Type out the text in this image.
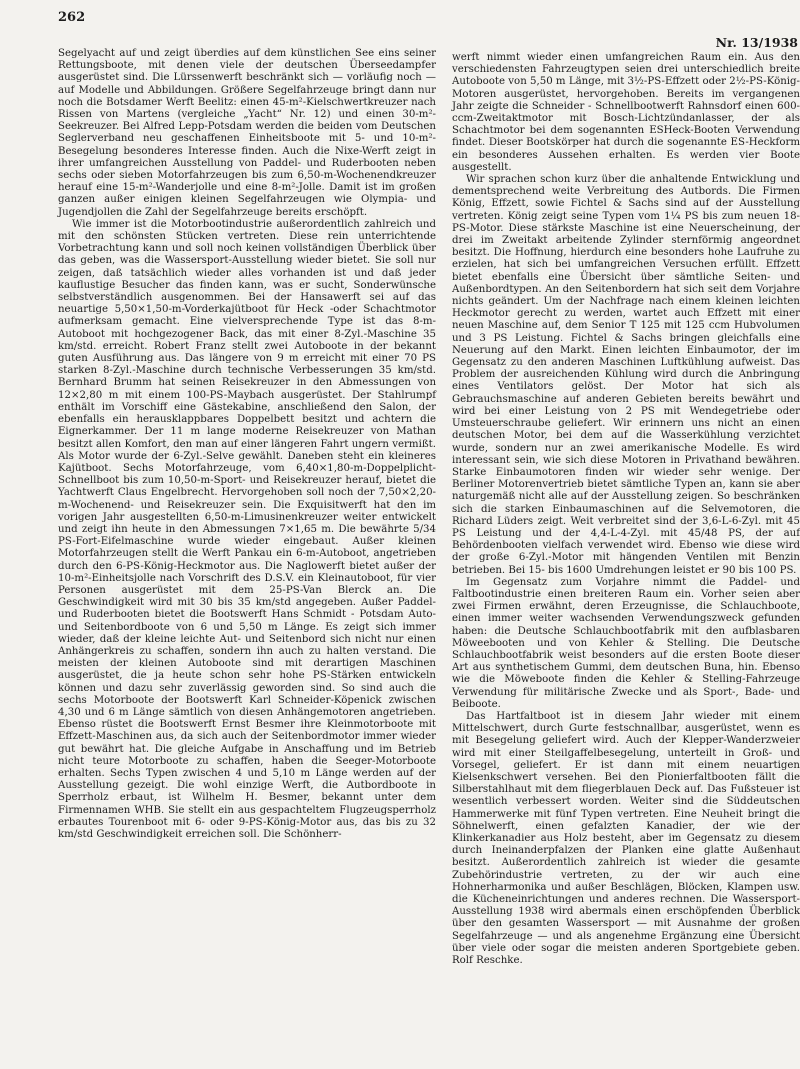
262
Nr. 13/1938

Segelyacht auf und zeigt überdies auf dem künstlichen See eins seiner Rettungsboote, mit denen viele der deutschen Überseedampfer ausgerüstet sind. Die Lürssenwerft beschränkt sich — vorläufig noch — auf Modelle und Abbildungen. Größere Segelfahrzeuge bringt dann nur noch die Botsdamer Werft Beelitz: einen 45-m²-Kielschwertkreuzer nach Rissen von Martens (vergleiche „Yacht“ Nr. 12) und einen 30-m²-Seekreuzer. Bei Alfred Lepp-Potsdam werden die beiden vom Deutschen Seglerverband neu geschaffenen Einheitsboote mit 5- und 10-m²-Besegelung besonderes Interesse finden. Auch die Nixe-Werft zeigt in ihrer umfangreichen Ausstellung von Paddel- und Ruderbooten neben sechs oder sieben Motorfahrzeugen bis zum 6,50-m-Wochenendkreuzer herauf eine 15-m²-Wanderjolle und eine 8-m²-Jolle. Damit ist im großen ganzen außer einigen kleinen Segelfahrzeugen wie Olympia- und Jugendjollen die Zahl der Segelfahrzeuge bereits erschöpft.

Wie immer ist die Motorbootindustrie außerordentlich zahlreich und mit den schönsten Stücken vertreten. Diese rein unterrichtende Vorbetrachtung kann und soll noch keinen vollständigen Überblick über das geben, was die Wassersport-Ausstellung wieder bietet. Sie soll nur zeigen, daß tatsächlich wieder alles vorhanden ist und daß jeder kauflustige Besucher das finden kann, was er sucht, Sonderwünsche selbstverständlich ausgenommen. Bei der Hansawerft sei auf das neuartige 5,50×1,50-m-Vorderkajütboot für Heck -oder Schachtmotor aufmerksam gemacht. Eine vielversprechende Type ist das 8-m-Autoboot mit hochgezogener Back, das mit einer 8-Zyl.-Maschine 35 km/std. erreicht. Robert Franz stellt zwei Autoboote in der bekannt guten Ausführung aus. Das längere von 9 m erreicht mit einer 70 PS starken 8-Zyl.-Maschine durch technische Verbesserungen 35 km/std. Bernhard Brumm hat seinen Reisekreuzer in den Abmessungen von 12×2,80 m mit einem 100-PS-Maybach ausgerüstet. Der Stahlrumpf enthält im Vorschiff eine Gästekabine, anschließend den Salon, der ebenfalls ein herausklappbares Doppelbett besitzt und achtern die Eignerkammer. Der 11 m lange moderne Reisekreuzer von Mathan besitzt allen Komfort, den man auf einer längeren Fahrt ungern vermißt. Als Motor wurde der 6-Zyl.-Selve gewählt. Daneben steht ein kleineres Kajütboot. Sechs Motorfahrzeuge, vom 6,40×1,80-m-Doppelplicht-Schnellboot bis zum 10,50-m-Sport- und Reisekreuzer herauf, bietet die Yachtwerft Claus Engelbrecht. Hervorgehoben soll noch der 7,50×2,20-m-Wochenend- und Reisekreuzer sein. Die Exquisitwerft hat den im vorigen Jahr ausgestellten 6,50-m-Limusinenkreuzer weiter entwickelt und zeigt ihn heute in den Abmessungen 7×1,65 m. Die bewährte 5/34 PS-Fort-Eifelmaschine wurde wieder eingebaut. Außer kleinen Motorfahrzeugen stellt die Werft Pankau ein 6-m-Autoboot, angetrieben durch den 6-PS-König-Heckmotor aus. Die Naglowerft bietet außer der 10-m²-Einheitsjolle nach Vorschrift des D.S.V. ein Kleinautoboot, für vier Personen ausgerüstet mit dem 25-PS-Van Blerck an. Die Geschwindigkeit wird mit 30 bis 35 km/std angegeben. Außer Paddel- und Ruderbooten bietet die Bootswerft Hans Schmidt - Potsdam Auto- und Seitenbordboote von 6 und 5,50 m Länge. Es zeigt sich immer wieder, daß der kleine leichte Aut- und Seitenbord sich nicht nur einen Anhängerkreis zu schaffen, sondern ihn auch zu halten verstand. Die meisten der kleinen Autoboote sind mit derartigen Maschinen ausgerüstet, die ja heute schon sehr hohe PS-Stärken entwickeln können und dazu sehr zuverlässig geworden sind. So sind auch die sechs Motorboote der Bootswerft Karl Schneider-Köpenick zwischen 4,30 und 6 m Länge sämtlich von diesen Anhängemotoren angetrieben. Ebenso rüstet die Bootswerft Ernst Besmer ihre Kleinmotorboote mit Effzett-Maschinen aus, da sich auch der Seitenbordmotor immer wieder gut bewährt hat. Die gleiche Aufgabe in Anschaffung und im Betrieb nicht teure Motorboote zu schaffen, haben die Seeger-Motorboote erhalten. Sechs Typen zwischen 4 und 5,10 m Länge werden auf der Ausstellung gezeigt. Die wohl einzige Werft, die Autbordboote in Sperrholz erbaut, ist Wilhelm H. Besmer, bekannt unter dem Firmennamen WHB. Sie stellt ein aus gespachteltem Flugzeugsperrholz erbautes Tourenboot mit 6- oder 9-PS-König-Motor aus, das bis zu 32 km/std Geschwindigkeit erreichen soll. Die Schönherr-

werft nimmt wieder einen umfangreichen Raum ein. Aus den verschiedensten Fahrzeugtypen seien drei unterschiedlich breite Autoboote von 5,50 m Länge, mit 3½-PS-Effzett oder 2½-PS-König-Motoren ausgerüstet, hervorgehoben. Bereits im vergangenen Jahr zeigte die Schneider - Schnellbootwerft Rahnsdorf einen 600-ccm-Zweitaktmotor mit Bosch-Lichtzündanlasser, der als Schachtmotor bei dem sogenannten ESHeck-Booten Verwendung findet. Dieser Bootskörper hat durch die sogenannte ES-Heckform ein besonderes Aussehen erhalten. Es werden vier Boote ausgestellt.

Wir sprachen schon kurz über die anhaltende Entwicklung und dementsprechend weite Verbreitung des Autbords. Die Firmen König, Effzett, sowie Fichtel & Sachs sind auf der Ausstellung vertreten. König zeigt seine Typen vom 1¼ PS bis zum neuen 18-PS-Motor. Diese stärkste Maschine ist eine Neuerscheinung, der drei im Zweitakt arbeitende Zylinder sternförmig angeordnet besitzt. Die Hoffnung, hierdurch eine besonders hohe Laufruhe zu erzielen, hat sich bei umfangreichen Versuchen erfüllt. Effzett bietet ebenfalls eine Übersicht über sämtliche Seiten- und Außenbordtypen. An den Seitenbordern hat sich seit dem Vorjahre nichts geändert. Um der Nachfrage nach einem kleinen leichten Heckmotor gerecht zu werden, wartet auch Effzett mit einer neuen Maschine auf, dem Senior T 125 mit 125 ccm Hubvolumen und 3 PS Leistung. Fichtel & Sachs bringen gleichfalls eine Neuerung auf den Markt. Einen leichten Einbaumotor, der im Gegensatz zu den anderen Maschinen Luftkühlung aufweist. Das Problem der ausreichenden Kühlung wird durch die Anbringung eines Ventilators gelöst. Der Motor hat sich als Gebrauchsmaschine auf anderen Gebieten bereits bewährt und wird bei einer Leistung von 2 PS mit Wendegetriebe oder Umsteuerschraube geliefert. Wir erinnern uns nicht an einen deutschen Motor, bei dem auf die Wasserkühlung verzichtet wurde, sondern nur an zwei amerikanische Modelle. Es wird interessant sein, wie sich diese Motoren in Privathand bewähren. Starke Einbaumotoren finden wir wieder sehr wenige. Der Berliner Motorenvertrieb bietet sämtliche Typen an, kann sie aber naturgemäß nicht alle auf der Ausstellung zeigen. So beschränken sich die starken Einbaumaschinen auf die Selvemotoren, die Richard Lüders zeigt. Weit verbreitet sind der 3,6-L-6-Zyl. mit 45 PS Leistung und der 4,4-L-4-Zyl. mit 45/48 PS, der auf Behördenbooten vielfach verwendet wird. Ebenso wie diese wird der große 6-Zyl.-Motor mit hängenden Ventilen mit Benzin betrieben. Bei 15- bis 1600 Umdrehungen leistet er 90 bis 100 PS.

Im Gegensatz zum Vorjahre nimmt die Paddel- und Faltbootindustrie einen breiteren Raum ein. Vorher seien aber zwei Firmen erwähnt, deren Erzeugnisse, die Schlauchboote, einen immer weiter wachsenden Verwendungszweck gefunden haben: die Deutsche Schlauchbootfabrik mit den aufblasbaren Möweebooten und von Kehler & Stelling. Die Deutsche Schlauchbootfabrik weist besonders auf die ersten Boote dieser Art aus synthetischem Gummi, dem deutschen Buna, hin. Ebenso wie die Möweboote finden die Kehler & Stelling-Fahrzeuge Verwendung für militärische Zwecke und als Sport-, Bade- und Beiboote.

Das Hartfaltboot ist in diesem Jahr wieder mit einem Mittelschwert, durch Gurte festschnallbar, ausgerüstet, wenn es mit Besegelung geliefert wird. Auch der Klepper-Wanderzweier wird mit einer Steilgaffelbesegelung, unterteilt in Groß- und Vorsegel, geliefert. Er ist dann mit einem neuartigen Kielsenkschwert versehen. Bei den Pionierfaltbooten fällt die Silberstahlhaut mit dem fliegerblauen Deck auf. Das Fußsteuer ist wesentlich verbessert worden. Weiter sind die Süddeutschen Hammerwerke mit fünf Typen vertreten. Eine Neuheit bringt die Söhnelwerft, einen gefalzten Kanadier, der wie der Klinkerkanadier aus Holz besteht, aber im Gegensatz zu diesem durch Ineinanderpfalzen der Planken eine glatte Außenhaut besitzt. Außerordentlich zahlreich ist wieder die gesamte Zubehörindustrie vertreten, zu der wir auch eine Hohnerharmonika und außer Beschlägen, Blöcken, Klampen usw. die Kücheneinrichtungen und anderes rechnen. Die Wassersport-Ausstellung 1938 wird abermals einen erschöpfenden Überblick über den gesamten Wassersport — mit Ausnahme der großen Segelfahrzeuge — und als angenehme Ergänzung eine Übersicht über viele oder sogar die meisten anderen Sportgebiete geben. Rolf Reschke.
